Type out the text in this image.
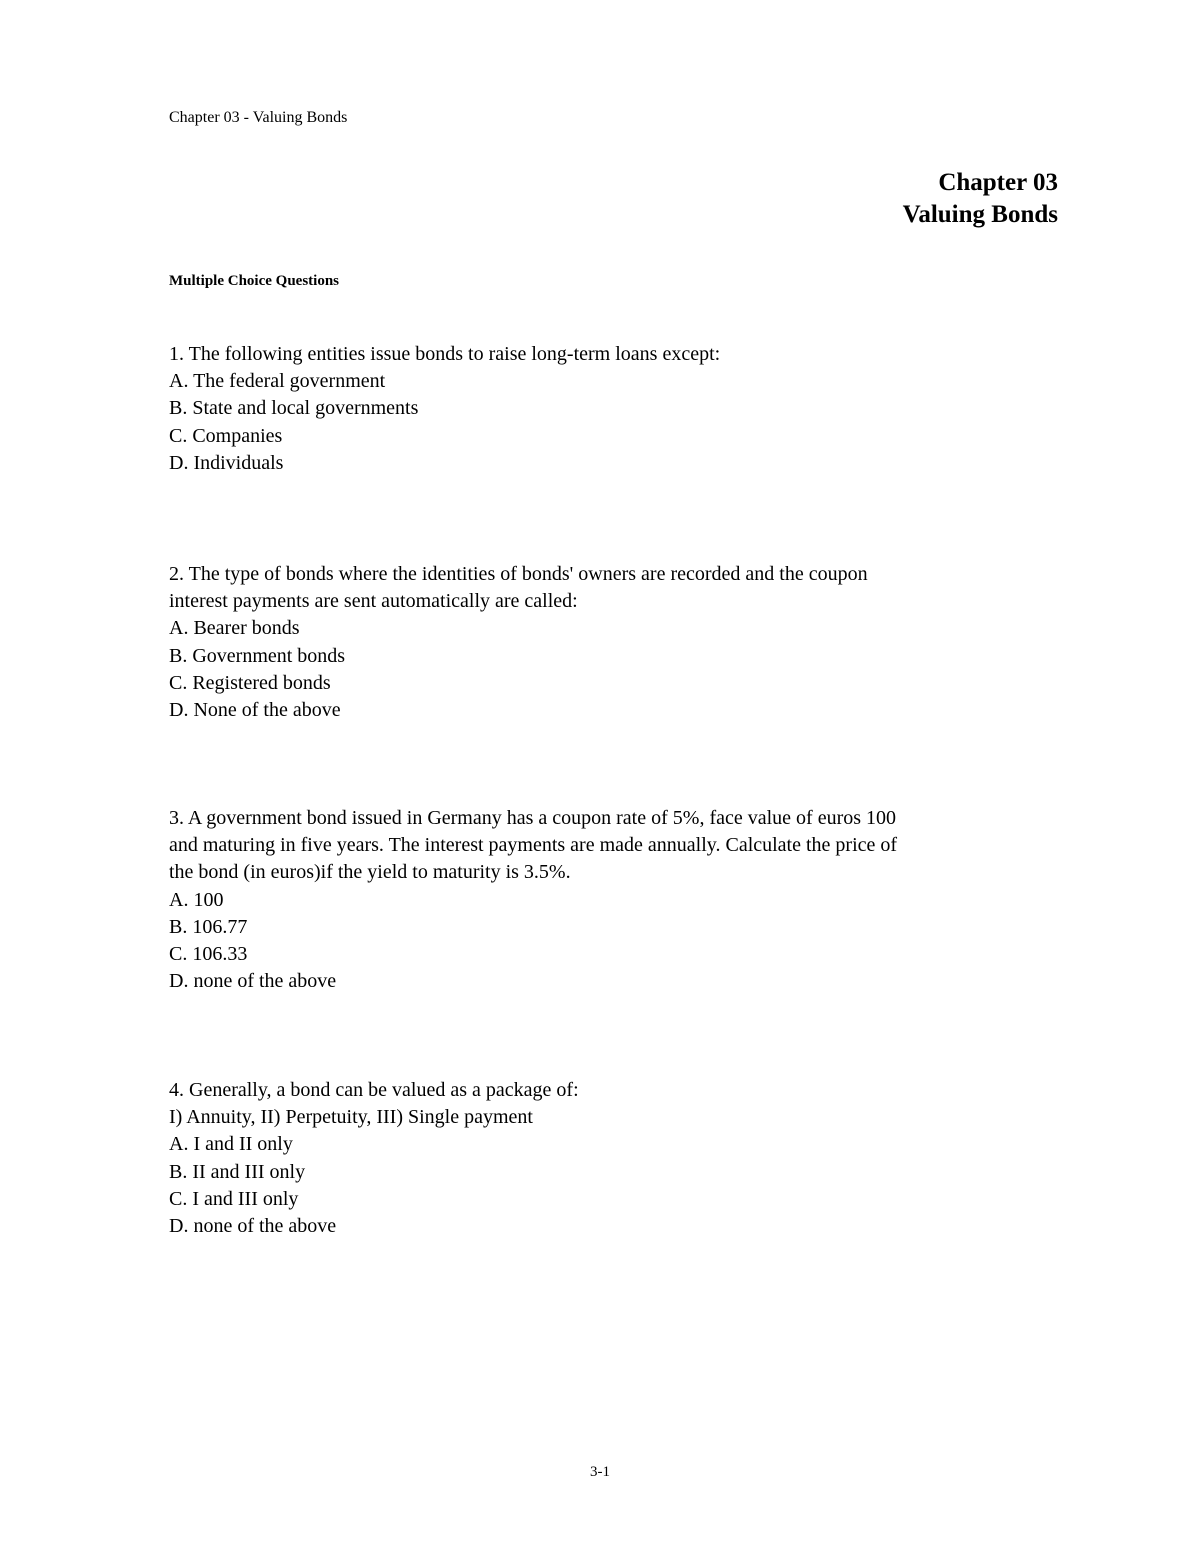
Chapter 03 - Valuing Bonds
Chapter 03
Valuing Bonds
Multiple Choice Questions
1. The following entities issue bonds to raise long-term loans except:
A. The federal government
B. State and local governments
C. Companies
D. Individuals
2. The type of bonds where the identities of bonds' owners are recorded and the coupon
interest payments are sent automatically are called:
A. Bearer bonds
B. Government bonds
C. Registered bonds
D. None of the above
3. A government bond issued in Germany has a coupon rate of 5%, face value of euros 100
and maturing in five years. The interest payments are made annually. Calculate the price of
the bond (in euros)if the yield to maturity is 3.5%.
A. 100
B. 106.77
C. 106.33
D. none of the above
4. Generally, a bond can be valued as a package of:
I) Annuity, II) Perpetuity, III) Single payment
A. I and II only
B. II and III only
C. I and III only
D. none of the above
3-1
